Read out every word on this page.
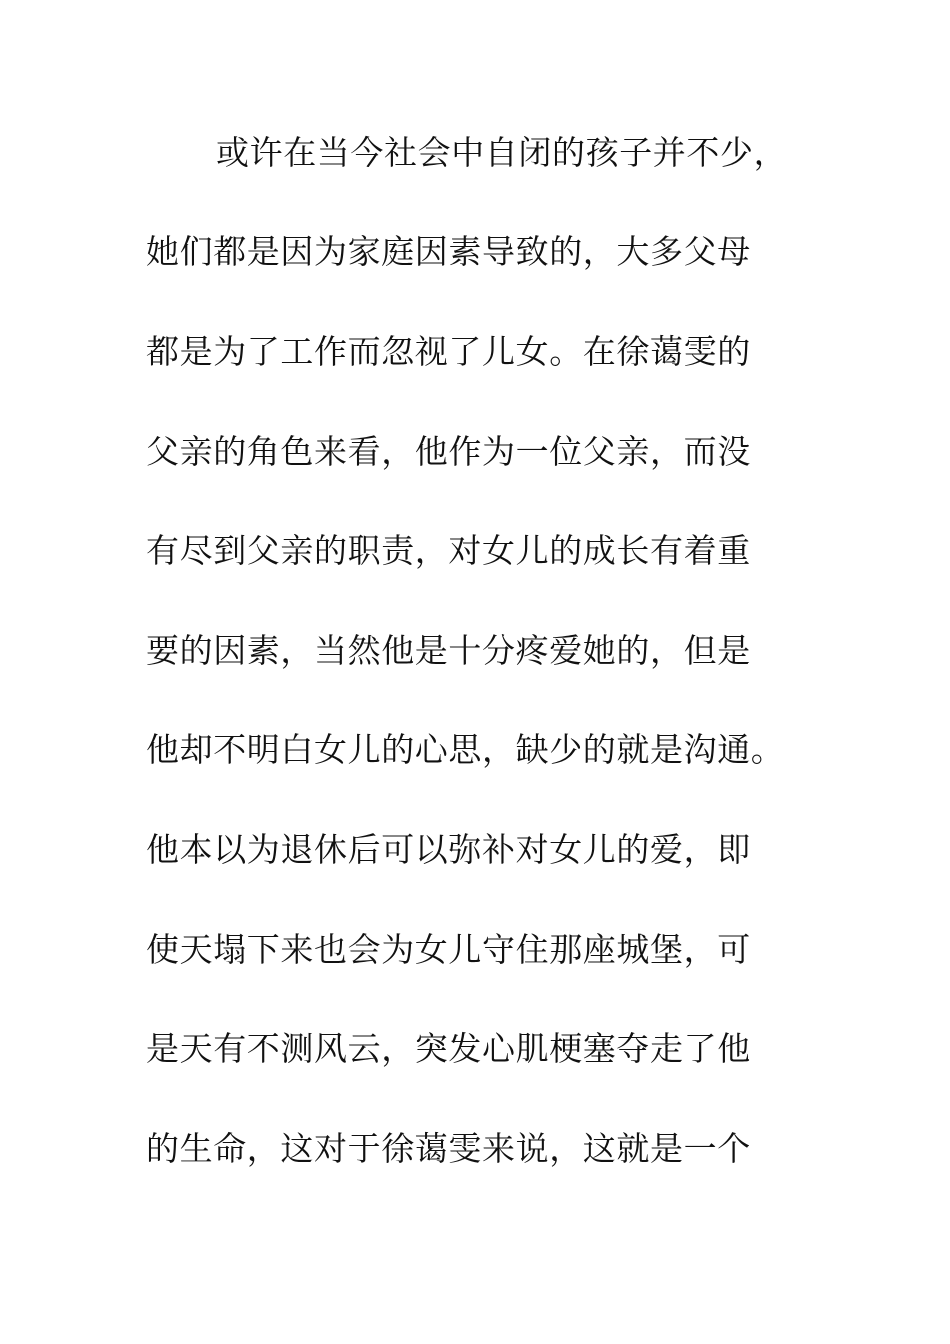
或许在当今社会中自闭的孩子并不少，
她们都是因为家庭因素导致的，大多父母
都是为了工作而忽视了儿女。在徐蔼雯的
父亲的角色来看，他作为一位父亲，而没
有尽到父亲的职责，对女儿的成长有着重
要的因素，当然他是十分疼爱她的，但是
他却不明白女儿的心思，缺少的就是沟通。
他本以为退休后可以弥补对女儿的爱，即
使天塌下来也会为女儿守住那座城堡，可
是天有不测风云，突发心肌梗塞夺走了他
的生命，这对于徐蔼雯来说，这就是一个
